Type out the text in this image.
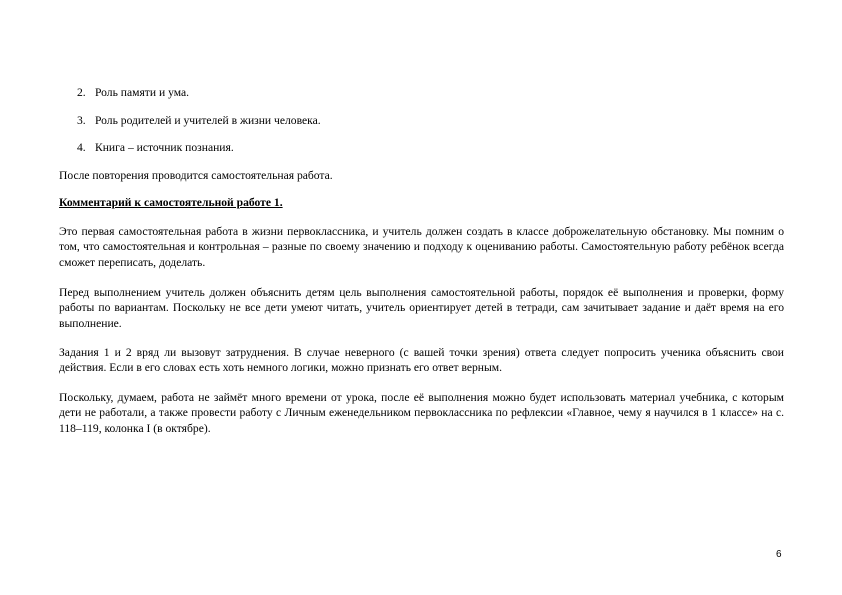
2. Роль памяти и ума.
3. Роль родителей и учителей в жизни человека.
4. Книга – источник познания.

После повторения проводится самостоятельная работа.

Комментарий к самостоятельной работе 1.

Это первая самостоятельная работа в жизни первоклассника, и учитель должен создать в классе доброжелательную обстановку. Мы помним о том, что самостоятельная и контрольная – разные по своему значению и подходу к оцениванию работы. Самостоятельную работу ребёнок всегда сможет переписать, доделать.

Перед выполнением учитель должен объяснить детям цель выполнения самостоятельной работы, порядок её выполнения и проверки, форму работы по вариантам. Поскольку не все дети умеют читать, учитель ориентирует детей в тетради, сам зачитывает задание и даёт время на его выполнение.

Задания 1 и 2 вряд ли вызовут затруднения. В случае неверного (с вашей точки зрения) ответа следует попросить ученика объяснить свои действия. Если в его словах есть хоть немного логики, можно признать его ответ верным.

Поскольку, думаем, работа не займёт много времени от урока, после её выполнения можно будет использовать материал учебника, с которым дети не работали, а также провести работу с Личным еженедельником первоклассника по рефлексии «Главное, чему я научился в 1 классе» на с. 118–119, колонка I (в октябре).

6
